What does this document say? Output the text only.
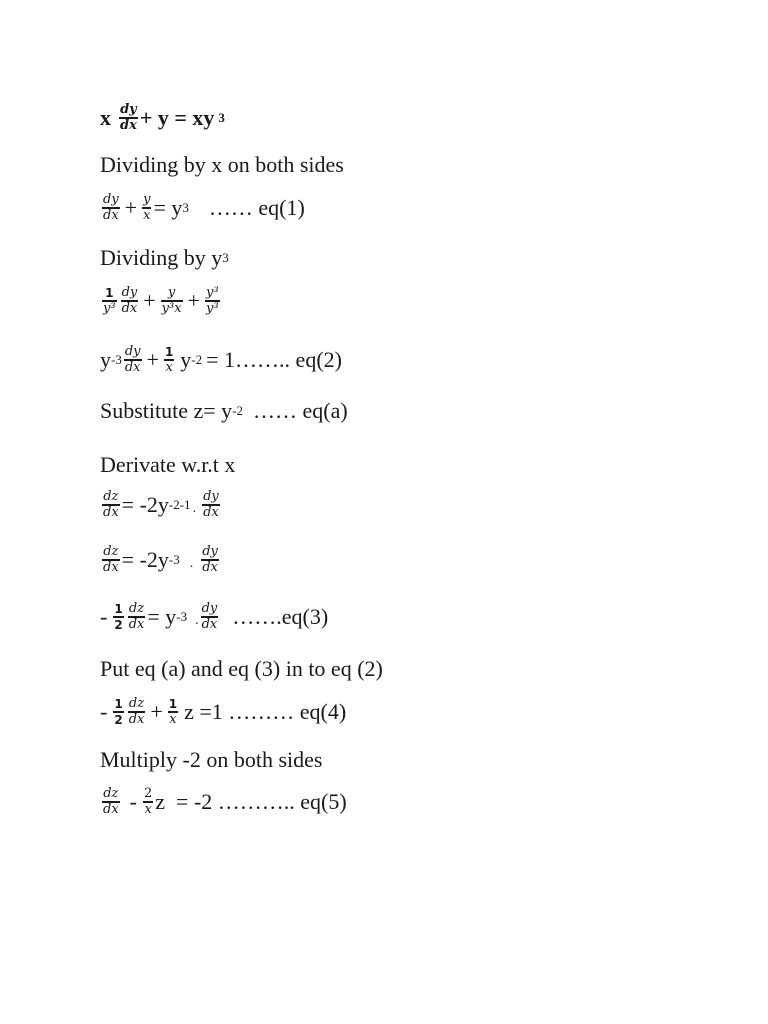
x $\frac{dy}{dx} + y$ = xy 3
Dividing by x on both sides
$\frac{dy}{dx} + \frac{y}{x} = y$ 3 …… eq(1)
Dividing by y 3
$\frac{1}{\text{y³}} \frac{dy}{dx} + \frac{y}{\text{y³x}} + \frac{\text{y³}}{\text{y³}}$
y $-3 \frac{dy}{dx} + \frac{1}{x}$ y -2 = 1…….. eq(2)
Substitute z= y -2 …… eq(a)
Derivate w.r.t x
$\frac{dz}{dx} = -2y$ -2-1 . $\frac{dy}{dx}$
$\frac{dz}{dx} = -2y$ -3 . $\frac{dy}{dx}$
- $\frac{1}{2} \frac{dz}{dx} = y$ -3 . $\frac{dy}{dx}$ …….eq(3)
Put eq (a) and eq (3) in to eq (2)
- $\frac{1}{2} \frac{dz}{dx} + \frac{1}{x}$ z =1 ……… eq(4)
Multiply -2 on both sides
$\frac{dz}{dx} - \frac{2}{x}$ z  = -2 ……….. eq(5)
